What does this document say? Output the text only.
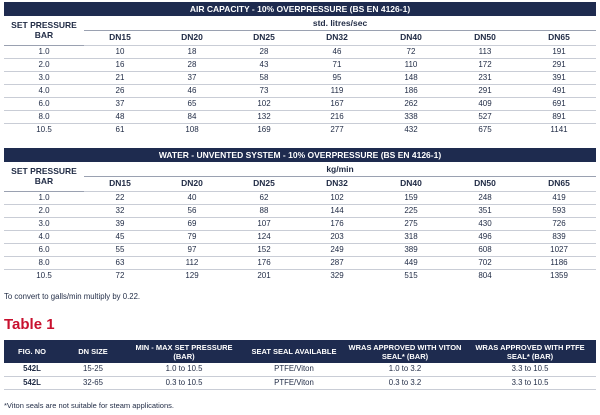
AIR CAPACITY - 10% OVERPRESSURE (BS EN 4126-1)							
SET PRESSURE BAR	std. litres/sec						
	DN15	DN20	DN25	DN32	DN40	DN50	DN65
1.0	10	18	28	46	72	113	191
2.0	16	28	43	71	110	172	291
3.0	21	37	58	95	148	231	391
4.0	26	46	73	119	186	291	491
6.0	37	65	102	167	262	409	691
8.0	48	84	132	216	338	527	891
10.5	61	108	169	277	432	675	1141
WATER - UNVENTED SYSTEM - 10% OVERPRESSURE (BS EN 4126-1)							
SET PRESSURE BAR	kg/min						
	DN15	DN20	DN25	DN32	DN40	DN50	DN65
1.0	22	40	62	102	159	248	419
2.0	32	56	88	144	225	351	593
3.0	39	69	107	176	275	430	726
4.0	45	79	124	203	318	496	839
6.0	55	97	152	249	389	608	1027
8.0	63	112	176	287	449	702	1186
10.5	72	129	201	329	515	804	1359
To convert to galls/min multiply by 0.22.
Table 1
FIG. NO	DN SIZE	MIN - MAX SET PRESSURE (BAR)	SEAT SEAL AVAILABLE	WRAS APPROVED WITH VITON SEAL* (BAR)	WRAS APPROVED WITH PTFE SEAL* (BAR)
542L	15-25	1.0 to 10.5	PTFE/Viton	1.0 to 3.2	3.3 to 10.5
542L	32-65	0.3 to 10.5	PTFE/Viton	0.3 to 3.2	3.3 to 10.5
*Viton seals are not suitable for steam applications.
